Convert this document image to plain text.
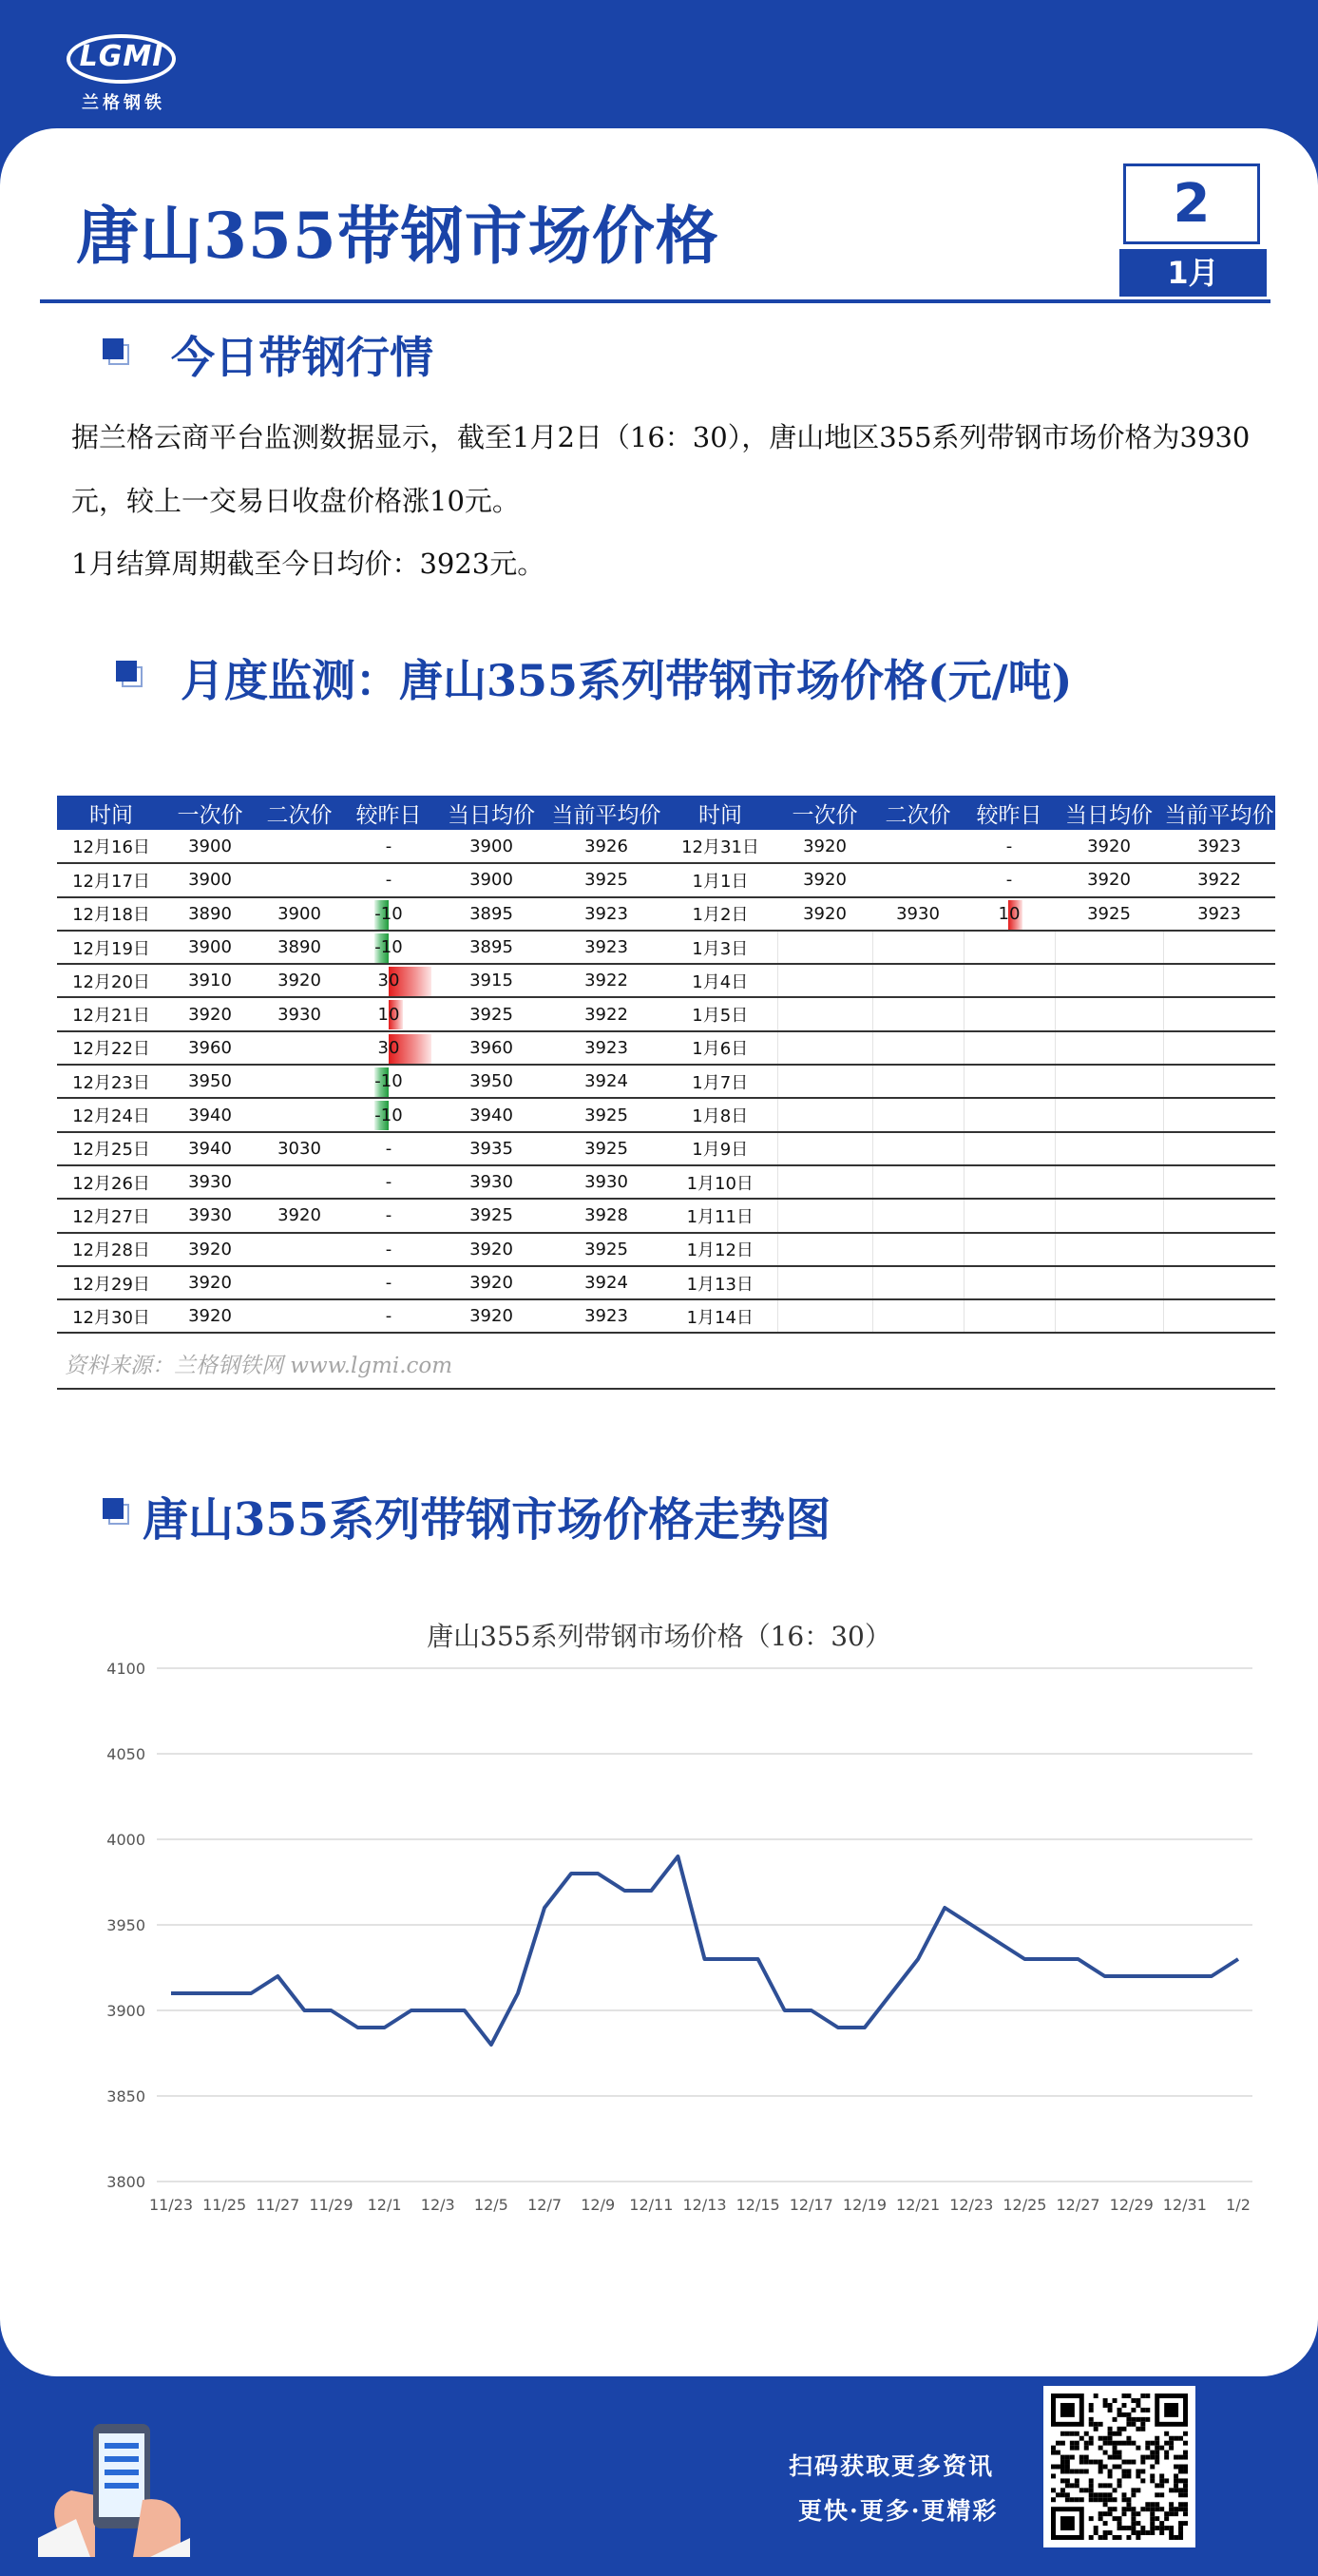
LGMI
兰格钢铁
唐山355带钢市场价格	2
1月
今日带钢行情
据兰格云商平台监测数据显示，截至1月2日（16：30），唐山地区355系列带钢市场价格为3930元，较上一交易日收盘价格涨10元。
1月结算周期截至今日均价：3923元。
月度监测：唐山355系列带钢市场价格(元/吨)
时间	一次价	二次价	较昨日	当日均价	当前平均价	时间	一次价	二次价	较昨日	当日均价	当前平均价
12月16日	3900		-	3900	3926	12月31日	3920		-	3920	3923
12月17日	3900		-	3900	3925	1月1日	3920		-	3920	3922
12月18日	3890	3900	-10	3895	3923	1月2日	3920	3930	10	3925	3923
12月19日	3900	3890	-10	3895	3923	1月3日					
12月20日	3910	3920	30	3915	3922	1月4日					
12月21日	3920	3930	10	3925	3922	1月5日					
12月22日	3960		30	3960	3923	1月6日					
12月23日	3950		-10	3950	3924	1月7日					
12月24日	3940		-10	3940	3925	1月8日					
12月25日	3940	3030	-	3935	3925	1月9日					
12月26日	3930		-	3930	3930	1月10日					
12月27日	3930	3920	-	3925	3928	1月11日					
12月28日	3920		-	3920	3925	1月12日					
12月29日	3920		-	3920	3924	1月13日					
12月30日	3920		-	3920	3923	1月14日					
资料来源：兰格钢铁网 www.lgmi.com
唐山355系列带钢市场价格走势图
唐山355系列带钢市场价格（16：30）
3800
3850
3900
3950
4000
4050
4100
11/23 11/25 11/27 11/29 12/1 12/3 12/5 12/7 12/9 12/11 12/13 12/15 12/17 12/19 12/21 12/23 12/25 12/27 12/29 12/31 1/2
扫码获取更多资讯
更快·更多·更精彩
